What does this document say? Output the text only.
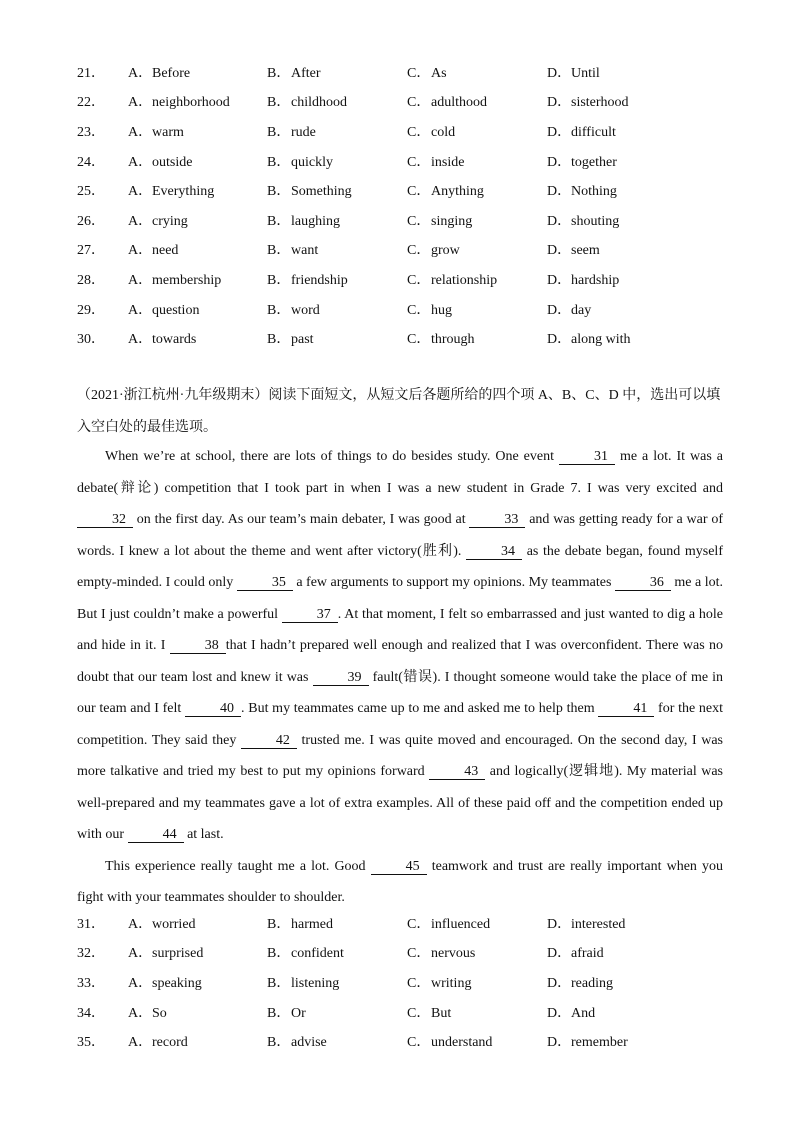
21．	A．Before	B．After	C．As	D．Until
22．	A．neighborhood	B．childhood	C．adulthood	D．sisterhood
23．	A．warm	B．rude	C．cold	D．difficult
24．	A．outside	B．quickly	C．inside	D．together
25．	A．Everything	B．Something	C．Anything	D．Nothing
26．	A．crying	B．laughing	C．singing	D．shouting
27．	A．need	B．want	C．grow	D．seem
28．	A．membership	B．friendship	C．relationship	D．hardship
29．	A．question	B．word	C．hug	D．day
30．	A．towards	B．past	C．through	D．along with
（2021·浙江杭州·九年级期末）阅读下面短文，从短文后各题所给的四个项 A、B、C、D 中，选出可以填入空白处的最佳选项。

When we’re at school, there are lots of things to do besides study. One event	31 me a lot. It was a debate(辩论) competition that I took part in when I was a new student in Grade 7. I was very excited and 32 on the first day. As our team’s main debater, I was good at	33 and was getting ready for a war of words. I knew a lot about the theme and went after victory(胜利).	34 as the debate began, found myself empty-minded. I could only	35 a few arguments to support my opinions. My teammates	36 me a lot. But I just couldn’t make a powerful	37 . At that moment, I felt so embarrassed and just wanted to dig a hole and hide in it. I	38 that I hadn’t prepared well enough and realized that I was overconfident. There was no doubt that our team lost and knew it was	39 fault(错误). I thought someone would take the place of me in our team and I felt	40 . But my teammates came up to me and asked me to help them	41 for the next competition. They said they	42 trusted me. I was quite moved and encouraged. On the second day, I was more talkative and tried my best to put my opinions forward	43 and logically(逻辑地). My material was well-prepared and my teammates gave a lot of extra examples. All of these paid off and the competition ended up with our	44 at last.

This experience really taught me a lot. Good	45 teamwork and trust are really important when you fight with your teammates shoulder to shoulder.

31．	A．worried	B．harmed	C．influenced	D．interested
32．	A．surprised	B．confident	C．nervous	D．afraid
33．	A．speaking	B．listening	C．writing	D．reading
34．	A．So	B．Or	C．But	D．And
35．	A．record	B．advise	C．understand	D．remember
